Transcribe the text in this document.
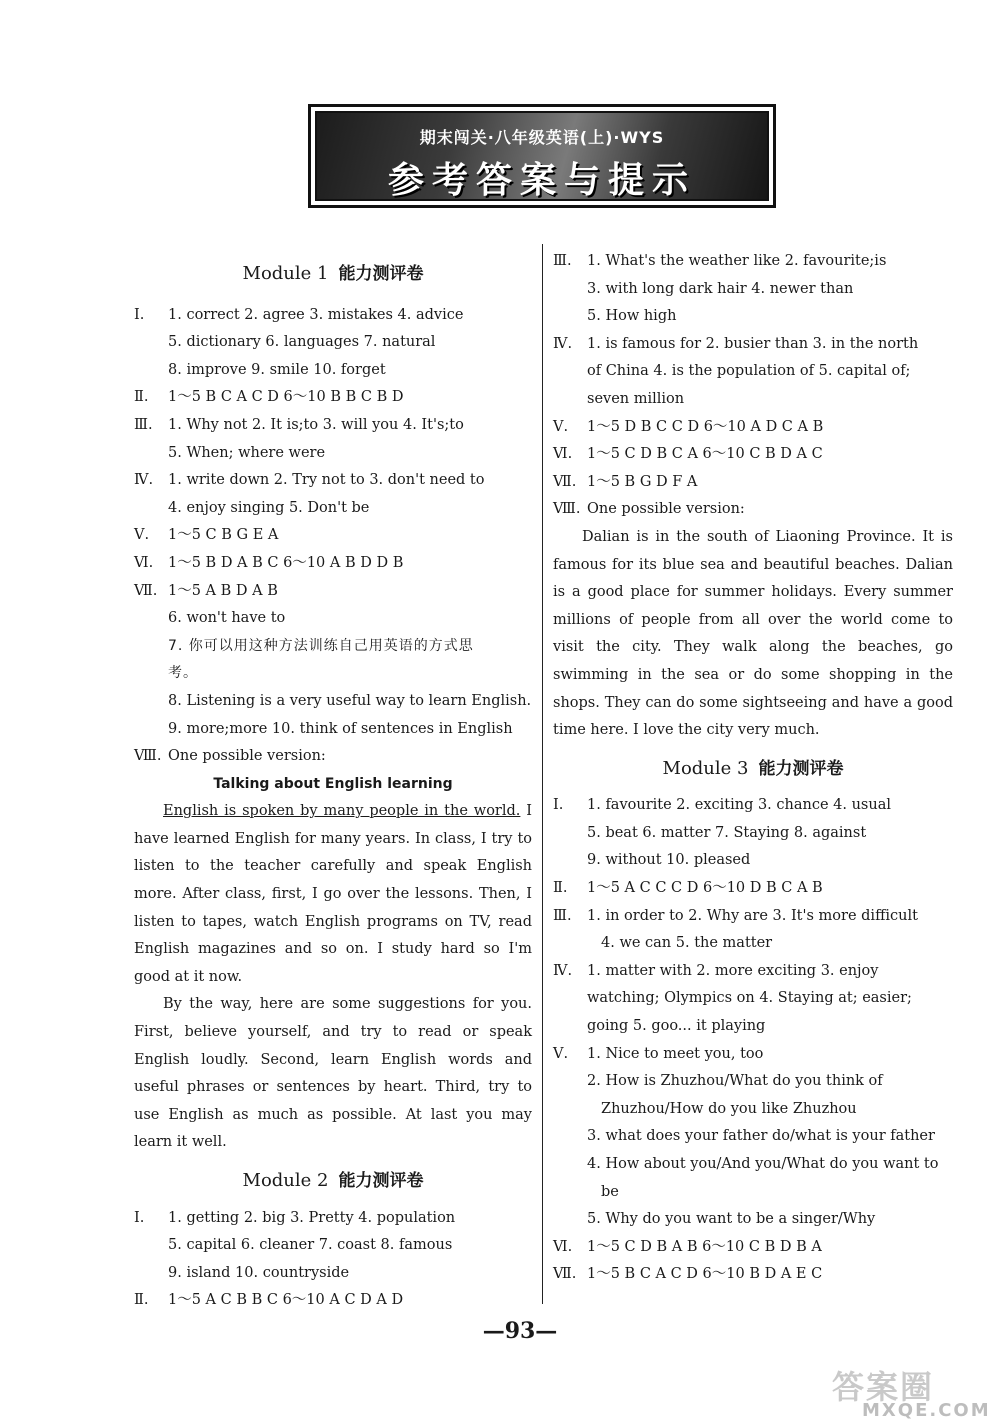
期末闯关·八年级英语(上)·WYS
参考答案与提示
Module 1 能力测评卷
Ⅰ. 1. correct 2. agree 3. mistakes 4. advice
5. dictionary 6. languages 7. natural
8. improve 9. smile 10. forget
Ⅱ. 1～5 B C A C D 6～10 B B C B D
Ⅲ. 1. Why not 2. It is;to 3. will you 4. It's;to
5. When; where were
Ⅳ. 1. write down 2. Try not to 3. don't need to
4. enjoy singing 5. Don't be
Ⅴ. 1～5 C B G E A
Ⅵ. 1～5 B D A B C 6～10 A B D D B
Ⅶ. 1～5 A B D A B
6. won't have to
7. 你可以用这种方法训练自己用英语的方式思
考。
8. Listening is a very useful way to learn English.
9. more;more 10. think of sentences in English
Ⅷ. One possible version:
Talking about English learning

English is spoken by many people in the world. I have learned English for many years. In class, I try to listen to the teacher carefully and speak English more. After class, first, I go over the lessons. Then, I listen to tapes, watch English programs on TV, read English magazines and so on. I study hard so I'm good at it now.

By the way, here are some suggestions for you. First, believe yourself, and try to read or speak English loudly. Second, learn English words and useful phrases or sentences by heart. Third, try to use English as much as possible. At last you may learn it well.

Module 2 能力测评卷
Ⅰ. 1. getting 2. big 3. Pretty 4. population
5. capital 6. cleaner 7. coast 8. famous
9. island 10. countryside
Ⅱ. 1～5 A C B B C 6～10 A C D A D
Ⅲ. 1. What's the weather like 2. favourite;is
3. with long dark hair 4. newer than
5. How high
Ⅳ. 1. is famous for 2. busier than 3. in the north
of China 4. is the population of 5. capital of;
seven million
Ⅴ. 1～5 D B C C D 6～10 A D C A B
Ⅵ. 1～5 C D B C A 6～10 C B D A C
Ⅶ. 1～5 B G D F A
Ⅷ. One possible version:

Dalian is in the south of Liaoning Province. It is famous for its blue sea and beautiful beaches. Dalian is a good place for summer holidays. Every summer millions of people from all over the world come to visit the city. They walk along the beaches, go swimming in the sea or do some shopping in the shops. They can do some sightseeing and have a good time here. I love the city very much.

Module 3 能力测评卷
Ⅰ. 1. favourite 2. exciting 3. chance 4. usual
5. beat 6. matter 7. Staying 8. against
9. without 10. pleased
Ⅱ. 1～5 A C C C D 6～10 D B C A B
Ⅲ. 1. in order to 2. Why are 3. It's more difficult
4. we can 5. the matter
Ⅳ. 1. matter with 2. more exciting 3. enjoy
watching; Olympics on 4. Staying at; easier;
going 5. goo... it playing
Ⅴ. 1. Nice to meet you, too
2. How is Zhuzhou/What do you think of
Zhuzhou/How do you like Zhuzhou
3. what does your father do/what is your father
4. How about you/And you/What do you want to
be
5. Why do you want to be a singer/Why
Ⅵ. 1～5 C D B A B 6～10 C B D B A
Ⅶ. 1～5 B C A C D 6～10 B D A E C
—93—
答案圈
MXQE.COM
